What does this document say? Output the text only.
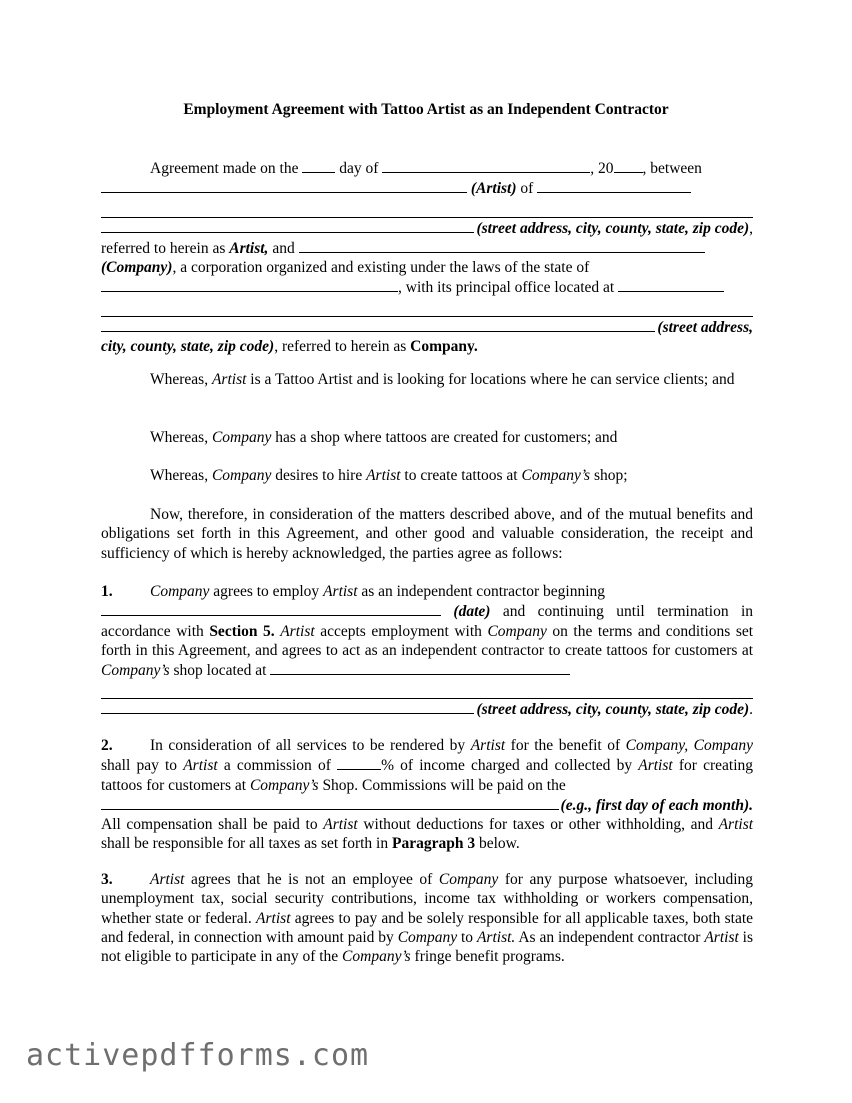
Employment Agreement with Tattoo Artist as an Independent Contractor
Agreement made on the	day of	, 20 , between
(Artist) of
(street address, city, county, state, zip code) ,
referred to herein as Artist, and
(Company), a corporation organized and existing under the laws of the state of
, with its principal office located at
(street address,
city, county, state, zip code), referred to herein as Company.

Whereas, Artist is a Tattoo Artist and is looking for locations where he can service clients; and

Whereas, Company has a shop where tattoos are created for customers; and

Whereas, Company desires to hire Artist to create tattoos at Company’s shop;

Now, therefore, in consideration of the matters described above, and of the mutual benefits and obligations set forth in this Agreement, and other good and valuable consideration, the receipt and sufficiency of which is hereby acknowledged, the parties agree as follows:

1. Company agrees to employ Artist as an independent contractor beginning
(date) and continuing until termination in accordance with Section 5. Artist accepts employment with Company on the terms and conditions set forth in this Agreement, and agrees to act as an independent contractor to create tattoos for customers at Company’s shop located at
(street address, city, county, state, zip code) .
2. In consideration of all services to be rendered by Artist for the benefit of Company, Company shall pay to Artist a commission of	% of income charged and collected by Artist for creating tattoos for customers at Company’s Shop. Commissions will be paid on the
(e.g., first day of each month).
All compensation shall be paid to Artist without deductions for taxes or other withholding, and Artist shall be responsible for all taxes as set forth in Paragraph 3 below.

3. Artist agrees that he is not an employee of Company for any purpose whatsoever, including unemployment tax, social security contributions, income tax withholding or workers compensation, whether state or federal. Artist agrees to pay and be solely responsible for all applicable taxes, both state and federal, in connection with amount paid by Company to Artist. As an independent contractor Artist is not eligible to participate in any of the Company’s fringe benefit programs.

activepdfforms.com
